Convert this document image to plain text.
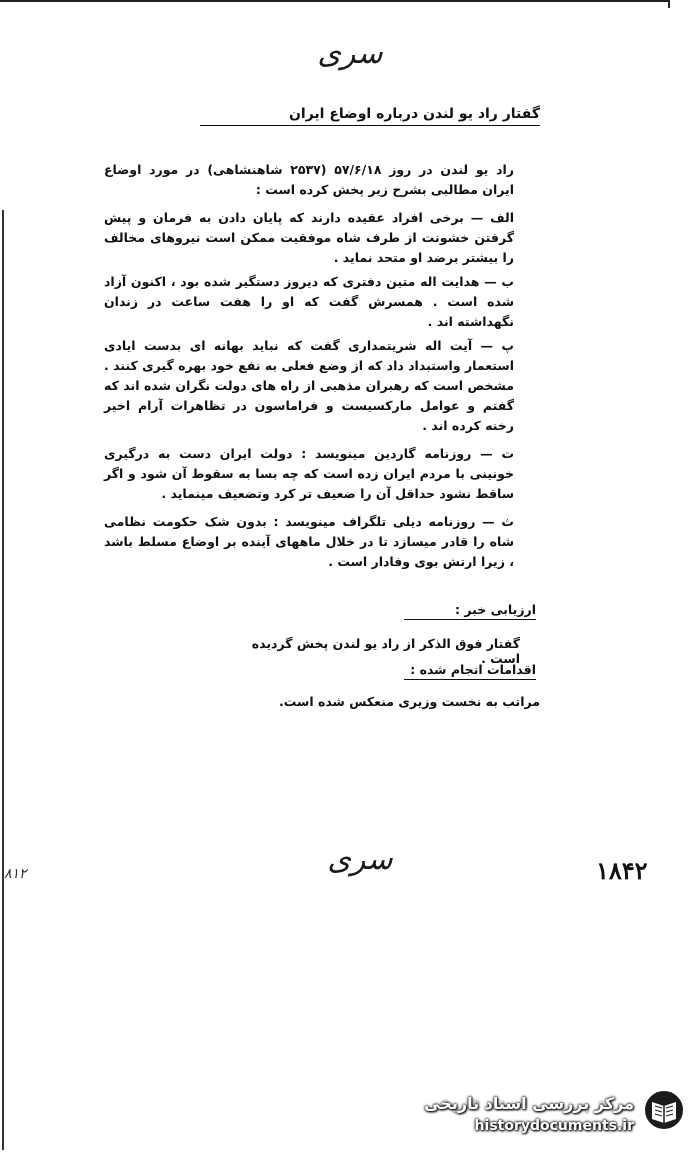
سری
گفتار راد یو لندن درباره اوضاع ایران

راد یو لندن در روز ۵۷/۶/۱۸ (۲۵۳۷ شاهنشاهی) در مورد اوضاع ایران مطالبی بشرح زیر پخش کرده است :

الف — برخی افراد عقیده دارند که پایان دادن به فرمان و پیش گرفتن خشونت از طرف شاه موفقیت ممکن است نیروهای مخالف را بیشتر برضد او متحد نماید .

ب — هدایت اله متین دفتری که دیروز دستگیر شده بود ، اکنون آزاد شده است . همسرش گفت که او را هفت ساعت در زندان نگهداشته اند .

پ — آیت اله شریتمداری گفت که نباید بهانه ای بدست ایادی استعمار واستبداد داد که از وضع فعلی به نفع خود بهره گیری کنند . مشخص است که رهبران مذهبی از راه های دولت نگران شده اند که گفتم و عوامل مارکسیست و فراماسون در تظاهرات آرام اخیر رخنه کرده اند .

ت — روزنامه گاردین مینویسد : دولت ایران دست به درگیری خونینی با مردم ایران زده است که چه بسا به سقوط آن شود و اگر ساقط نشود حداقل آن را ضعیف تر کرد وتضعیف مینماید .

ث — روزنامه دیلی تلگراف مینویسد : بدون شک حکومت نظامی شاه را قادر میسازد تا در خلال ماههای آینده بر اوضاع مسلط باشد ، زیرا ارتش بوی وفادار است .

ارزیابی خبر :
گفتار فوق الذکر از راد یو لندن پخش گردیده است .
اقدامات انجام شده :
مراتب به نخست وزیری منعکس شده است.
سری	۱۸۴۲
۸۱۲
مرکز بررسی اسناد تاریخی
historydocuments.ir
